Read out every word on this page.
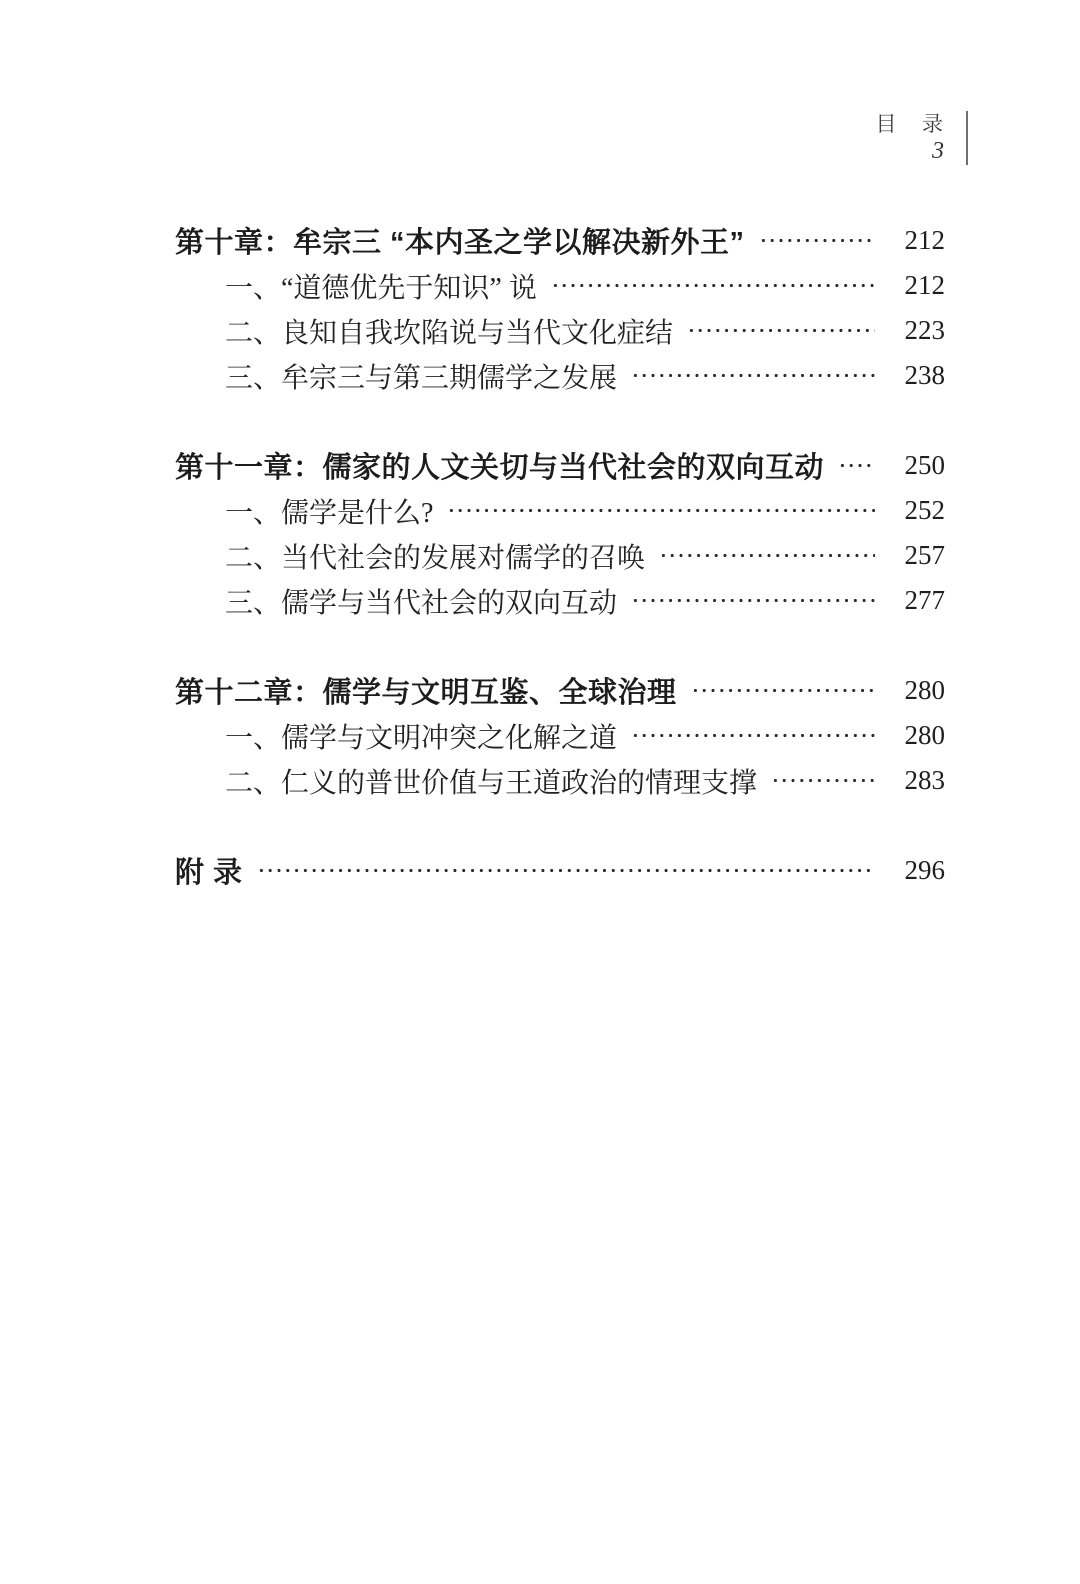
目  录
3
第十章：牟宗三 “本内圣之学以解决新外王”	212
一、“道德优先于知识” 说	212
二、良知自我坎陷说与当代文化症结	223
三、牟宗三与第三期儒学之发展	238
第十一章：儒家的人文关切与当代社会的双向互动	250
一、儒学是什么?	252
二、当代社会的发展对儒学的召唤	257
三、儒学与当代社会的双向互动	277
第十二章：儒学与文明互鉴、全球治理	280
一、儒学与文明冲突之化解之道	280
二、仁义的普世价值与王道政治的情理支撑	283
附 录	296
